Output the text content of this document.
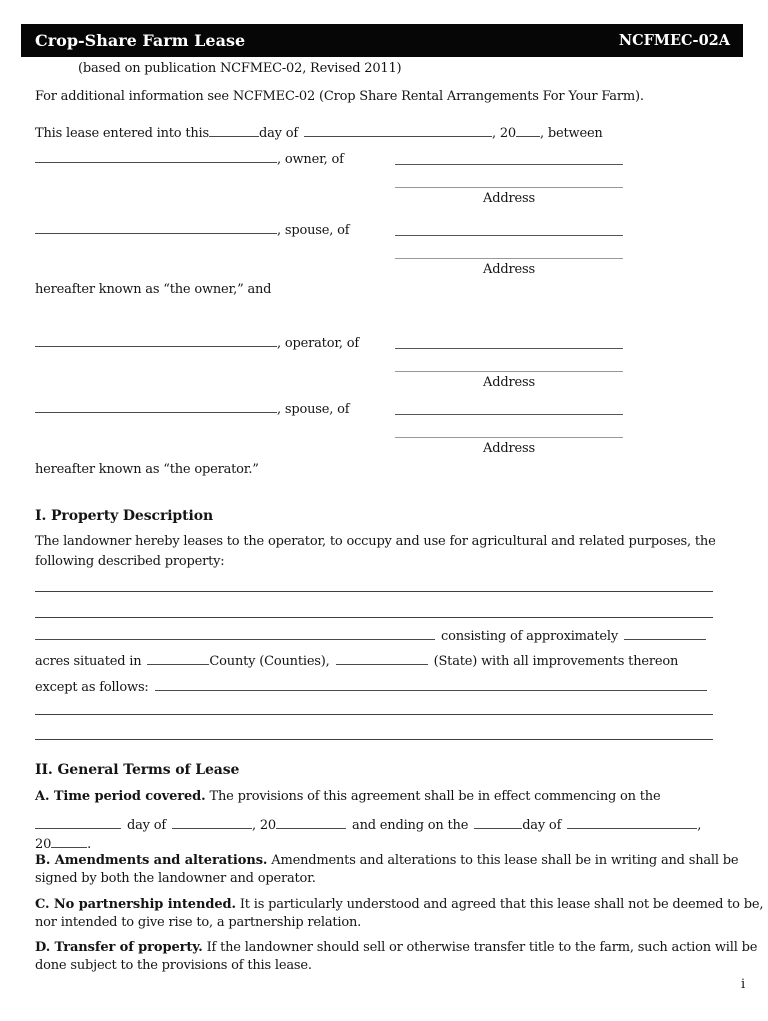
Crop-Share Farm Lease	NCFMEC-02A
(based on publication NCFMEC-02, Revised 2011)
For additional information see NCFMEC-02 (Crop Share Rental Arrangements For Your Farm).
This lease entered into this	day of	, 20 , between
, owner, of
Address
, spouse, of
Address
hereafter known as “the owner,” and
, operator, of
Address
, spouse, of
Address
hereafter known as “the operator.”
I. Property Description
The landowner hereby leases to the operator, to occupy and use for agricultural and related purposes, the
following described property:
consisting of approximately
acres situated in	County (Counties),	(State) with all improvements thereon
except as follows:
II. General Terms of Lease
A. Time period covered. The provisions of this agreement shall be in effect commencing on the
day of	, 20	and ending on the	day of	,
20	.
B. Amendments and alterations. Amendments and alterations to this lease shall be in writing and shall be
signed by both the landowner and operator.
C. No partnership intended. It is particularly understood and agreed that this lease shall not be deemed to be,
nor intended to give rise to, a partnership relation.
D. Transfer of property. If the landowner should sell or otherwise transfer title to the farm, such action will be
done subject to the provisions of this lease.
i
